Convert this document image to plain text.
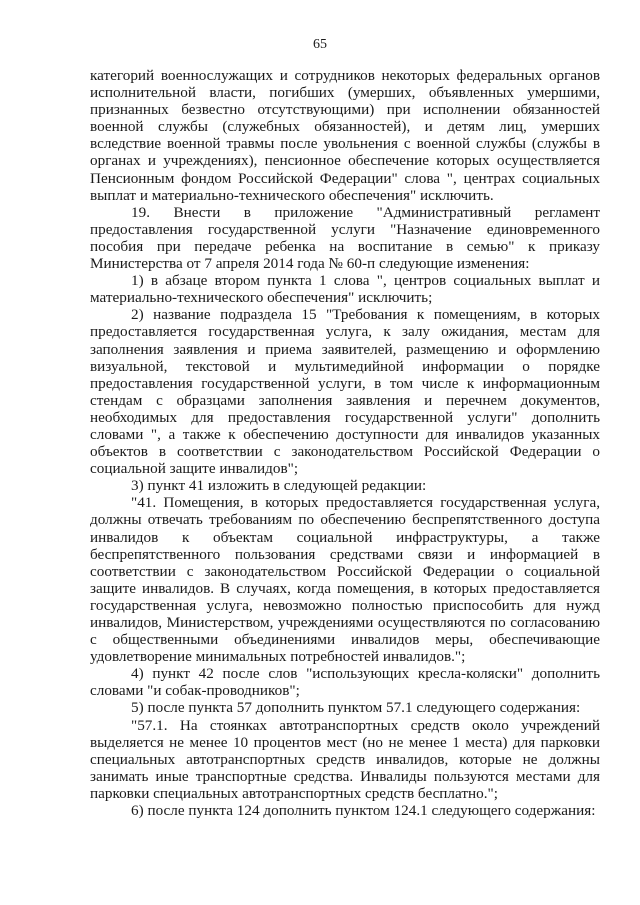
65

категорий военнослужащих и сотрудников некоторых федеральных органов исполнительной власти, погибших (умерших, объявленных умершими, признанных безвестно отсутствующими) при исполнении обязанностей военной службы (служебных обязанностей), и детям лиц, умерших вследствие военной травмы после увольнения с военной службы (службы в органах и учреждениях), пенсионное обеспечение которых осуществляется Пенсионным фондом Российской Федерации" слова ", центрах социальных выплат и материально-технического обеспечения" исключить.

19. Внести в приложение "Административный регламент предоставления государственной услуги "Назначение единовременного пособия при передаче ребенка на воспитание в семью" к приказу Министерства от 7 апреля 2014 года № 60-п следующие изменения:

1) в абзаце втором пункта 1 слова ", центров социальных выплат и материально-технического обеспечения" исключить;

2) название подраздела 15 "Требования к помещениям, в которых предоставляется государственная услуга, к залу ожидания, местам для заполнения заявления и приема заявителей, размещению и оформлению визуальной, текстовой и мультимедийной информации о порядке предоставления государственной услуги, в том числе к информационным стендам с образцами заполнения заявления и перечнем документов, необходимых для предоставления государственной услуги" дополнить словами ", а также к обеспечению доступности для инвалидов указанных объектов в соответствии с законодательством Российской Федерации о социальной защите инвалидов";

3) пункт 41 изложить в следующей редакции:

"41. Помещения, в которых предоставляется государственная услуга, должны отвечать требованиям по обеспечению беспрепятственного доступа инвалидов к объектам социальной инфраструктуры, а также беспрепятственного пользования средствами связи и информацией в соответствии с законодательством Российской Федерации о социальной защите инвалидов. В случаях, когда помещения, в которых предоставляется государственная услуга, невозможно полностью приспособить для нужд инвалидов, Министерством, учреждениями осуществляются по согласованию с общественными объединениями инвалидов меры, обеспечивающие удовлетворение минимальных потребностей инвалидов.";

4) пункт 42 после слов "использующих кресла-коляски" дополнить словами "и собак-проводников";

5) после пункта 57 дополнить пунктом 57.1 следующего содержания:

"57.1. На стоянках автотранспортных средств около учреждений выделяется не менее 10 процентов мест (но не менее 1 места) для парковки специальных автотранспортных средств инвалидов, которые не должны занимать иные транспортные средства. Инвалиды пользуются местами для парковки специальных автотранспортных средств бесплатно.";

6) после пункта 124 дополнить пунктом 124.1 следующего содержания:
